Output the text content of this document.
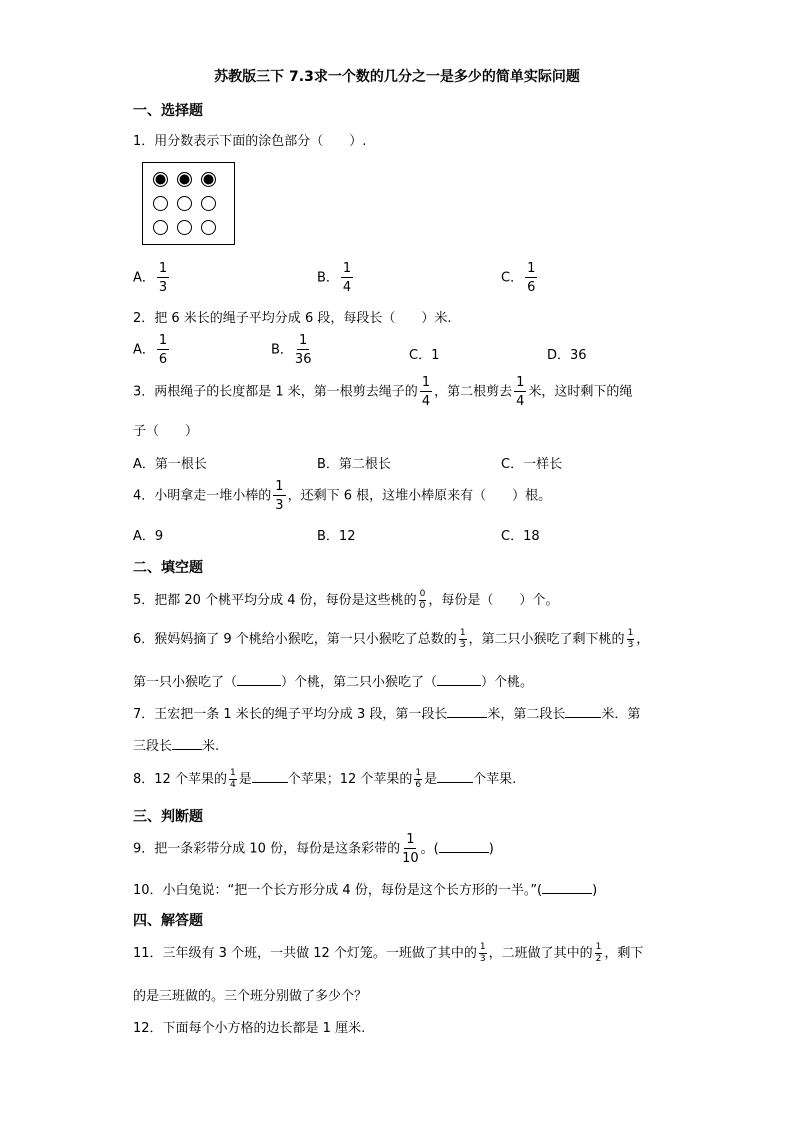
苏教版三下 7.3求一个数的几分之一是多少的简单实际问题
一、选择题
1．用分数表示下面的涂色部分（　　）.
A． $\frac{1}{3}$	B． $\frac{1}{4}$	C． $\frac{1}{6}$
2．把 6 米长的绳子平均分成 6 段，每段长（　　）米.
A． $\frac{1}{6}$	B． $\frac{1}{36}$	C．1	D．36
3．两根绳子的长度都是 1 米，第一根剪去绳子的 $\frac{1}{4}$ ，第二根剪去 $\frac{1}{4}$ 米，这时剩下的绳
子（　　）
A．第一根长	B．第二根长	C．一样长
4．小明拿走一堆小棒的 $\frac{1}{3}$ ，还剩下 6 根，这堆小棒原来有（　　）根。
A．9	B．12	C．18
二、填空题
5．把都 20 个桃平均分成 4 份，每份是这些桃的 $\frac{0}{0}$ ，每份是（　　）个。
6．猴妈妈摘了 9 个桃给小猴吃，第一只小猴吃了总数的 $\frac{1}{3}$ ，第二只小猴吃了剩下桃的 $\frac{1}{3}$ ，
第一只小猴吃了（	）个桃，第二只小猴吃了（	）个桃。
7．王宏把一条 1 米长的绳子平均分成 3 段，第一段长	米，第二段长	米．第
三段长 米.
8．12 个苹果的 $\frac{1}{4}$ 是	个苹果；12 个苹果的 $\frac{1}{6}$ 是	个苹果.
三、判断题
9．把一条彩带分成 10 份，每份是这条彩带的 $\frac{1}{10}$ 。(	)
10．小白兔说：“把一个长方形分成 4 份，每份是这个长方形的一半。”(	)
四、解答题
11．三年级有 3 个班，一共做 12 个灯笼。一班做了其中的 $\frac{1}{3}$ ，二班做了其中的 $\frac{1}{2}$ ，剩下
的是三班做的。三个班分别做了多少个？
12．下面每个小方格的边长都是 1 厘米.
